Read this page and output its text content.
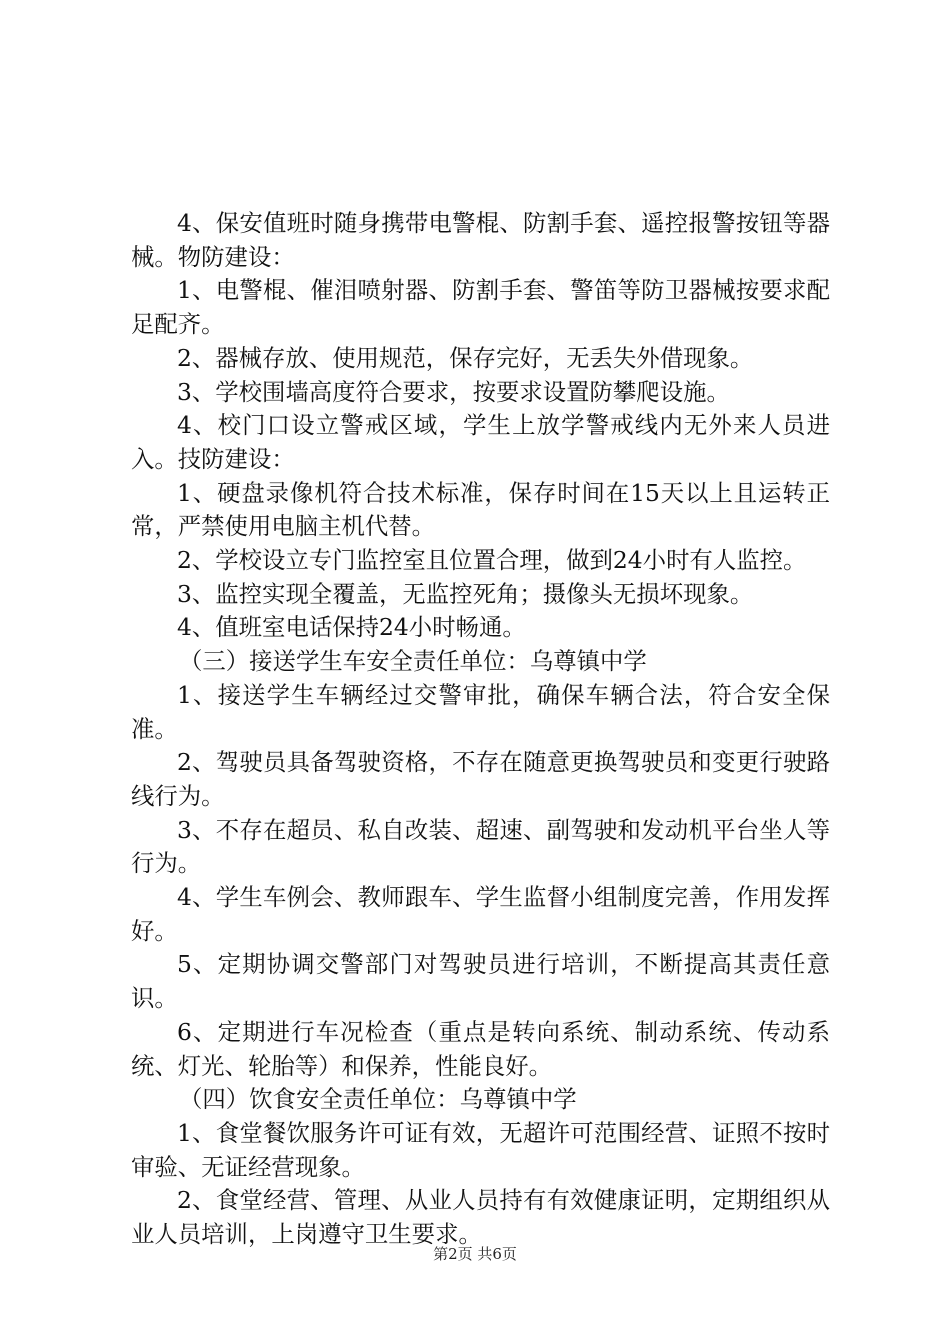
4、保安值班时随身携带电警棍、防割手套、遥控报警按钮等器械。物防建设：

1、电警棍、催泪喷射器、防割手套、警笛等防卫器械按要求配足配齐。

2、器械存放、使用规范，保存完好，无丢失外借现象。

3、学校围墙高度符合要求，按要求设置防攀爬设施。

4、校门口设立警戒区域，学生上放学警戒线内无外来人员进入。技防建设：

1、硬盘录像机符合技术标准，保存时间在15天以上且运转正常，严禁使用电脑主机代替。

2、学校设立专门监控室且位置合理，做到24小时有人监控。

3、监控实现全覆盖，无监控死角；摄像头无损坏现象。

4、值班室电话保持24小时畅通。

（三）接送学生车安全责任单位：乌尊镇中学

1、接送学生车辆经过交警审批，确保车辆合法，符合安全保准。

2、驾驶员具备驾驶资格，不存在随意更换驾驶员和变更行驶路线行为。

3、不存在超员、私自改装、超速、副驾驶和发动机平台坐人等行为。

4、学生车例会、教师跟车、学生监督小组制度完善，作用发挥好。

5、定期协调交警部门对驾驶员进行培训，不断提高其责任意识。

6、定期进行车况检查（重点是转向系统、制动系统、传动系统、灯光、轮胎等）和保养，性能良好。

（四）饮食安全责任单位：乌尊镇中学

1、食堂餐饮服务许可证有效，无超许可范围经营、证照不按时审验、无证经营现象。

2、食堂经营、管理、从业人员持有有效健康证明，定期组织从业人员培训，上岗遵守卫生要求。

第2页 共6页
